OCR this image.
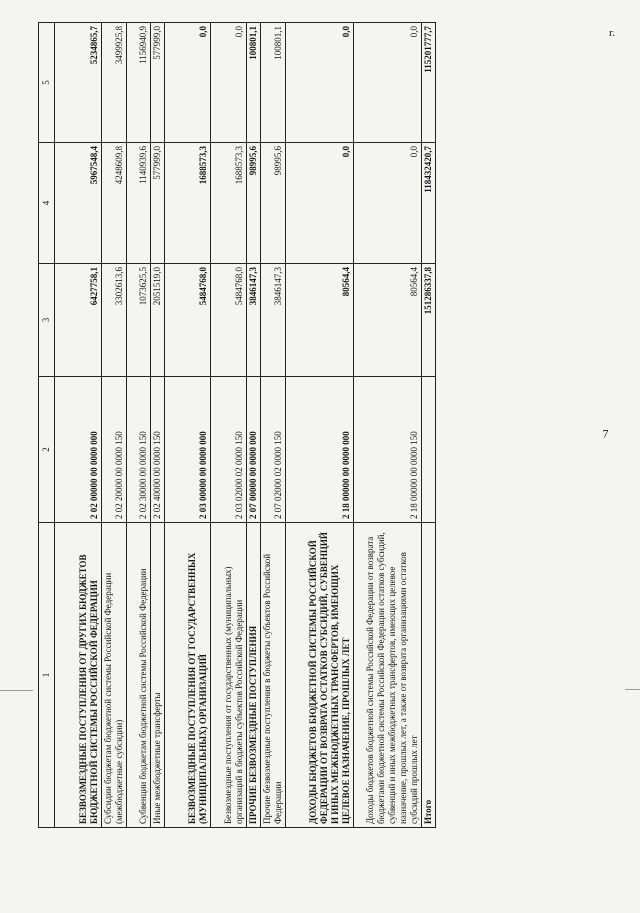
7
г.
1	2	3	4	5
БЕЗВОЗМЕЗДНЫЕ ПОСТУПЛЕНИЯ ОТ ДРУГИХ БЮДЖЕТОВ БЮДЖЕТНОЙ СИСТЕМЫ РОССИЙСКОЙ ФЕДЕРАЦИИ	2 02 00000 00 0000 000	6427758,1	5967548,4	5234865,7
Субсидии бюджетам бюджетной системы Российской Федерации (межбюджетные субсидии)	2 02 20000 00 0000 150	3302613,6	4248609,8	3499925,8
Субвенции бюджетам бюджетной системы Российской Федерации	2 02 30000 00 0000 150	1073625,5	1140939,6	1156940,9
Иные межбюджетные трансферты	2 02 40000 00 0000 150	2051519,0	577999,0	577999,0
БЕЗВОЗМЕЗДНЫЕ ПОСТУПЛЕНИЯ ОТ ГОСУДАРСТВЕННЫХ (МУНИЦИПАЛЬНЫХ) ОРГАНИЗАЦИЙ	2 03 00000 00 0000 000	5484768,0	1688573,3	0,0
Безвозмездные поступления от государственных (муниципальных) организаций в бюджеты субъектов Российской Федерации	2 03 02000 02 0000 150	5484768,0	1688573,3	0,0
ПРОЧИЕ БЕЗВОЗМЕЗДНЫЕ ПОСТУПЛЕНИЯ	2 07 00000 00 0000 000	3846147,3	98995,6	100801,1
Прочие безвозмездные поступления в бюджеты субъектов Российской Федерации	2 07 02000 02 0000 150	3846147,3	98995,6	100801,1
ДОХОДЫ БЮДЖЕТОВ БЮДЖЕТНОЙ СИСТЕМЫ РОССИЙСКОЙ ФЕДЕРАЦИИ ОТ ВОЗВРАТА ОСТАТКОВ СУБСИДИЙ, СУБВЕНЦИЙ И ИНЫХ МЕЖБЮДЖЕТНЫХ ТРАНСФЕРТОВ, ИМЕЮЩИХ ЦЕЛЕВОЕ НАЗНАЧЕНИЕ, ПРОШЛЫХ ЛЕТ	2 18 00000 00 0000 000	80564,4	0,0	0,0
Доходы бюджетов бюджетной системы Российской Федерации от возврата бюджетами бюджетной системы Российской Федерации остатков субсидий, субвенций и иных межбюджетных трансфертов, имеющих целевое назначение, прошлых лет, а также от возврата организациями остатков субсидий прошлых лет	2 18 00000 00 0000 150	80564,4	0,0	0,0
Итого		151286337,8	118432420,7	115201777,7
